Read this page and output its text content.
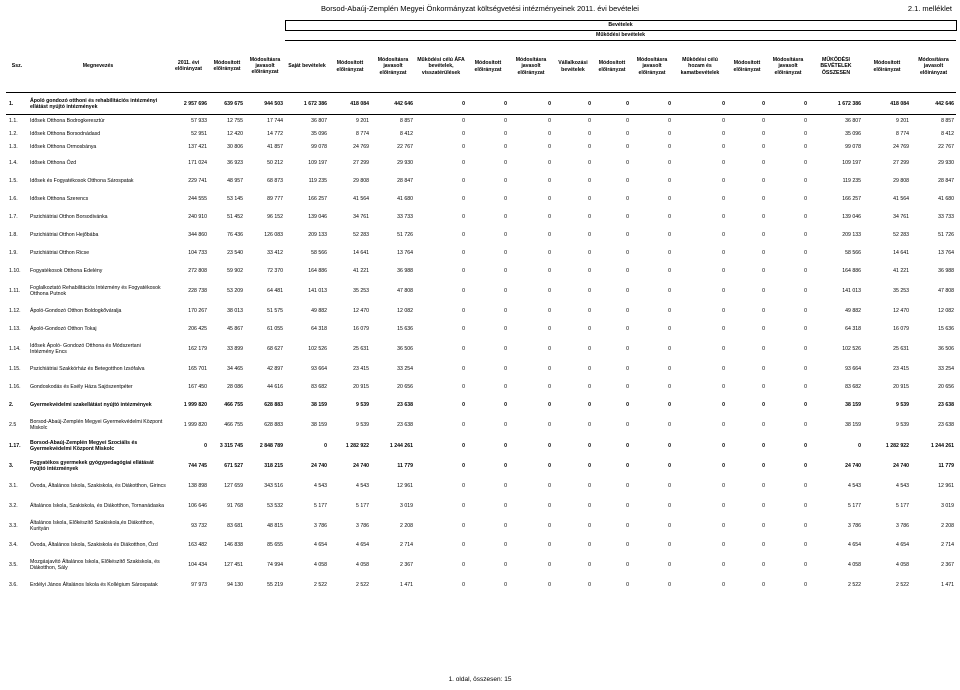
Borsod-Abaúj-Zemplén Megyei Önkormányzat költségvetési intézményeinek 2011. évi bevételei	2.1. melléklet
					Bevételek														
					Működési bevételek														
Ssz.	Megnevezés	2011. évi előirányzat	Módosított előirányzat	Módosításra javasolt előirányzat	Saját bevételek	Módosított előirányzat	Módosításra javasolt előirányzat	Működési célú ÁFA bevételek, visszatérülések	Módosított előirányzat	Módosításra javasolt előirányzat	Vállalkozási bevételek	Módosított előirányzat	Módosításra javasolt előirányzat	Működési célú hozam és kamatbevételek	Módosított előirányzat	Módosításra javasolt előirányzat	MŰKÖDÉSI BEVÉTELEK ÖSSZESEN	Módosított előirányzat	Módosításra javasolt előirányzat
1.	Ápoló gondozó otthoni és rehabilitációs intézményi ellátást nyújtó intézmények	2 957 696	639 675	944 503	1 672 386	418 084	442 646	0	0	0	0	0	0	0	0	0	1 672 386	418 084	442 646
1.1.	Idősek Otthona Bodrogkeresztúr	57 933	12 755	17 744	36 807	9 201	8 857	0	0	0	0	0	0	0	0	0	36 807	9 201	8 857
1.2.	Idősek Otthona Borsodnádasd	52 951	12 420	14 772	35 096	8 774	8 412	0	0	0	0	0	0	0	0	0	35 096	8 774	8 412
1.3.	Idősek Otthona Ormosbánya	137 421	30 806	41 857	99 078	24 769	22 767	0	0	0	0	0	0	0	0	0	99 078	24 769	22 767
1.4.	Idősek Otthona Ózd	171 024	36 923	50 212	109 197	27 299	29 930	0	0	0	0	0	0	0	0	0	109 197	27 299	29 930
1.5.	Idősek és Fogyatékosok Otthona Sárospatak	229 741	48 957	68 873	119 235	29 808	28 847	0	0	0	0	0	0	0	0	0	119 235	29 808	28 847
1.6.	Idősek Otthona Szerencs	244 555	53 145	89 777	166 257	41 564	41 680	0	0	0	0	0	0	0	0	0	166 257	41 564	41 680
1.7.	Pszichiátriai Otthon Borsodivánka	240 910	51 452	96 152	139 046	34 761	33 733	0	0	0	0	0	0	0	0	0	139 046	34 761	33 733
1.8.	Pszichiátriai Otthon Hejőbába	344 860	76 436	126 083	209 133	52 283	51 726	0	0	0	0	0	0	0	0	0	209 133	52 283	51 726
1.9.	Pszichiátriai Otthon Ricse	104 733	23 540	33 412	58 566	14 641	13 764	0	0	0	0	0	0	0	0	0	58 566	14 641	13 764
1.10.	Fogyatékosok Otthona Edelény	272 808	59 902	72 370	164 886	41 221	36 988	0	0	0	0	0	0	0	0	0	164 886	41 221	36 988
1.11.	Foglalkoztató Rehabilitációs Intézmény és Fogyatékosok Otthona Putnok	228 738	53 209	64 481	141 013	35 253	47 808	0	0	0	0	0	0	0	0	0	141 013	35 253	47 808
1.12.	Ápoló-Gondozó Otthon Boldogkőváralja	170 267	38 013	51 575	49 882	12 470	12 082	0	0	0	0	0	0	0	0	0	49 882	12 470	12 082
1.13.	Ápoló-Gondozó Otthon Tokaj	206 425	45 867	61 055	64 318	16 079	15 636	0	0	0	0	0	0	0	0	0	64 318	16 079	15 636
1.14.	Idősek Ápoló- Gondozó Otthona és Módszertani Intézmény Encs	162 179	33 899	68 627	102 526	25 631	36 506	0	0	0	0	0	0	0	0	0	102 526	25 631	36 506
1.15.	Pszichiátriai Szakkórház és Betegotthon Izsófalva	165 701	34 465	42 897	93 664	23 415	33 254	0	0	0	0	0	0	0	0	0	93 664	23 415	33 254
1.16.	Gondoskodás és Esély Háza Sajószentpéter	167 450	28 086	44 616	83 682	20 915	20 656	0	0	0	0	0	0	0	0	0	83 682	20 915	20 656
2.	Gyermekvédelmi szakellátást nyújtó intézmények	1 999 820	466 755	628 883	38 159	9 539	23 638	0	0	0	0	0	0	0	0	0	38 159	9 539	23 638
2.5	Borsod-Abaúj-Zemplén Megyei Gyermekvédelmi Központ Miskolc	1 999 820	466 755	628 883	38 159	9 539	23 638	0	0	0	0	0	0	0	0	0	38 159	9 539	23 638
1.17.	Borsod-Abaúj-Zemplén Megyei Szociális és Gyermekvédelmi Központ Miskolc	0	3 315 745	2 848 789	0	1 282 922	1 244 261	0	0	0	0	0	0	0	0	0	0	1 282 922	1 244 261
3.	Fogyatékos gyermekek gyógypedagógiai ellátását nyújtó intézmények	744 745	671 527	318 215	24 740	24 740	11 779	0	0	0	0	0	0	0	0	0	24 740	24 740	11 779
3.1.	Óvoda, Általános Iskola, Szakiskola, és Diákotthon, Girincs	138 898	127 659	343 516	4 543	4 543	12 961	0	0	0	0	0	0	0	0	0	4 543	4 543	12 961
3.2.	Általános Iskola, Szakiskola, és Diákotthon, Tornanádaska	106 646	91 768	53 532	5 177	5 177	3 019	0	0	0	0	0	0	0	0	0	5 177	5 177	3 019
3.3.	Általános Iskola, Előkészítő Szakiskola,és Diákotthon, Kurityán	93 732	83 681	48 815	3 786	3 786	2 208	0	0	0	0	0	0	0	0	0	3 786	3 786	2 208
3.4.	Óvoda, Általános Iskola, Szakiskola és Diákotthon, Ózd	163 482	146 838	85 655	4 654	4 654	2 714	0	0	0	0	0	0	0	0	0	4 654	4 654	2 714
3.5.	Mozgásjavító Általános Iskola, Előkészítő Szakiskola, és Diákotthon, Sály	104 434	127 451	74 994	4 058	4 058	2 367	0	0	0	0	0	0	0	0	0	4 058	4 058	2 367
3.6.	Erdélyi János Általános Iskola és Kollégium Sárospatak	97 973	94 130	55 219	2 522	2 522	1 471	0	0	0	0	0	0	0	0	0	2 522	2 522	1 471
1. oldal, összesen: 15
